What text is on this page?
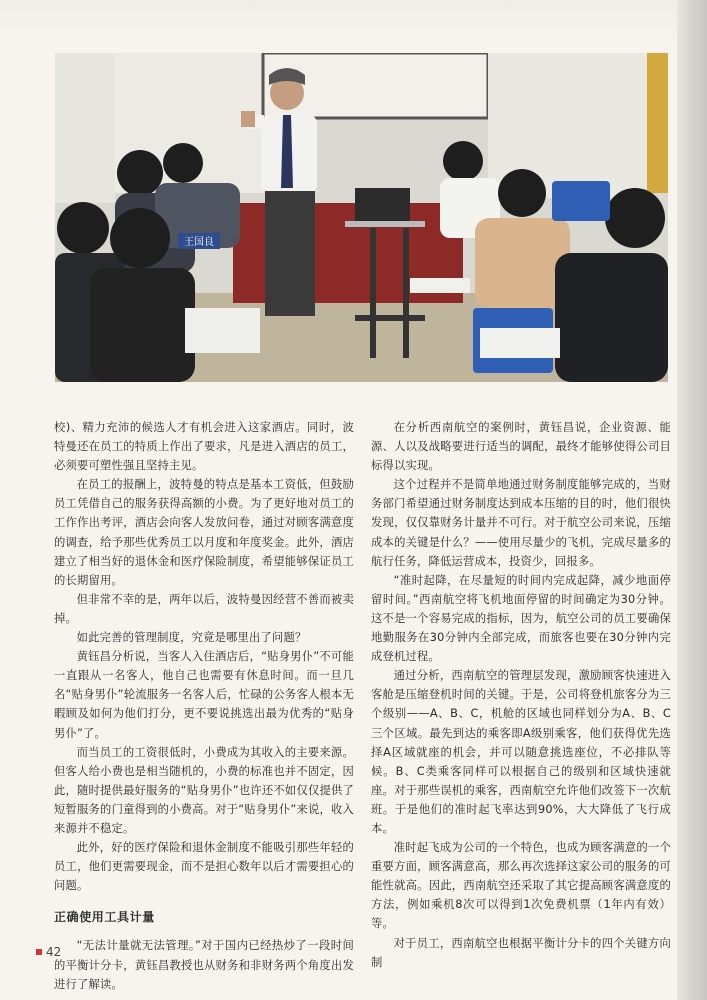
王国良

校)、精力充沛的候选人才有机会进入这家酒店。同时，波特曼还在员工的特质上作出了要求，凡是进入酒店的员工，必须要可塑性强且坚持主见。

在员工的报酬上，波特曼的特点是基本工资低，但鼓励员工凭借自己的服务获得高额的小费。为了更好地对员工的工作作出考评，酒店会向客人发放问卷，通过对顾客满意度的调查，给予那些优秀员工以月度和年度奖金。此外，酒店建立了相当好的退休金和医疗保险制度，希望能够保证员工的长期留用。

但非常不幸的是，两年以后，波特曼因经营不善而被卖掉。

如此完善的管理制度，究竟是哪里出了问题？

黄钰昌分析说，当客人入住酒店后，“贴身男仆”不可能一直跟从一名客人，他自己也需要有休息时间。而一旦几名“贴身男仆”轮流服务一名客人后，忙碌的公务客人根本无暇顾及如何为他们打分，更不要说挑选出最为优秀的“贴身男仆”了。

而当员工的工资很低时，小费成为其收入的主要来源。但客人给小费也是相当随机的，小费的标准也并不固定，因此，随时提供最好服务的“贴身男仆”也许还不如仅仅提供了短暂服务的门童得到的小费高。对于“贴身男仆”来说，收入来源并不稳定。

此外，好的医疗保险和退休金制度不能吸引那些年轻的员工，他们更需要现金，而不是担心数年以后才需要担心的问题。

正确使用工具计量

“无法计量就无法管理。”对于国内已经热炒了一段时间的平衡计分卡，黄钰昌教授也从财务和非财务两个角度出发进行了解读。

在分析西南航空的案例时，黄钰昌说，企业资源、能源、人以及战略要进行适当的调配，最终才能够使得公司目标得以实现。

这个过程并不是简单地通过财务制度能够完成的，当财务部门希望通过财务制度达到成本压缩的目的时，他们很快发现，仅仅靠财务计量并不可行。对于航空公司来说，压缩成本的关键是什么？——使用尽量少的飞机，完成尽量多的航行任务，降低运营成本，投资少，回报多。

“准时起降，在尽量短的时间内完成起降，减少地面停留时间。”西南航空将飞机地面停留的时间确定为30分钟。这不是一个容易完成的指标，因为，航空公司的员工要确保地勤服务在30分钟内全部完成，而旅客也要在30分钟内完成登机过程。

通过分析，西南航空的管理层发现，激励顾客快速进入客舱是压缩登机时间的关键。于是，公司将登机旅客分为三个级别——A、B、C，机舱的区域也同样划分为A、B、C三个区域。最先到达的乘客即A级别乘客，他们获得优先选择A区域就座的机会，并可以随意挑选座位，不必排队等候。B、C类乘客同样可以根据自己的级别和区域快速就座。对于那些误机的乘客，西南航空允许他们改签下一次航班。于是他们的准时起飞率达到90%，大大降低了飞行成本。

准时起飞成为公司的一个特色，也成为顾客满意的一个重要方面，顾客满意高，那么再次选择这家公司的服务的可能性就高。因此，西南航空还采取了其它提高顾客满意度的方法，例如乘机8次可以得到1次免费机票（1年内有效）等。

对于员工，西南航空也根据平衡计分卡的四个关键方向制

42
